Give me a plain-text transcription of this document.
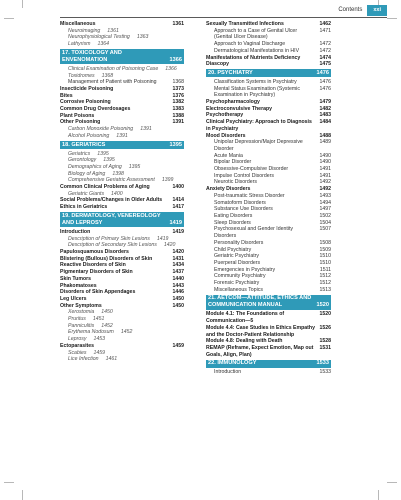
Contents	xxi
Miscellaneous	1361
Neuroimaging	1361
Neurophysiological Testing	1363
Lathyrism	1364
17. TOXICOLOGY AND ENVENOMATION	1366
Clinical Examination of Poisoning Case	1366
Toxidromes	1368
Management of Patient with Poisoning	1368
Insecticide Poisoning	1373
Bites	1376
Corrosive Poisoning	1382
Common Drug Overdosages	1383
Plant Poisons	1388
Other Poisoning	1391
Carbon Monoxide Poisoning	1391
Alcohol Poisoning	1391
18. GERIATRICS	1395
Geriatrics	1395
Gerontology	1395
Demographics of Aging	1395
Biology of Aging	1398
Comprehensive Geriatric Assessment	1399
Common Clinical Problems of Aging	1400
Geriatric Giants	1400
Social Problems/Changes in Older Adults	1414
Ethics in Geriatrics	1417
19. DERMATOLOGY, VENEREOLOGY AND LEPROSY	1419
Introduction	1419
Description of Primary Skin Lesions	1419
Description of Secondary Skin Lesions	1420
Papulosquamous Disorders	1420
Blistering (Bullous) Disorders of Skin	1431
Reactive Disorders of Skin	1434
Pigmentary Disorders of Skin	1437
Skin Tumors	1440
Phakomatoses	1443
Disorders of Skin Appendages	1446
Leg Ulcers	1450
Other Symptoms	1450
Xerostomia	1450
Pruritus	1451
Panniculitis	1452
Erythema Nodosum	1452
Leprosy	1453
Ectoparasites	1459
Scabies	1459
Lice Infection	1461
Sexually Transmitted Infections	1462
Approach to a Case of Genital Ulcer (Genital Ulcer Disease)
1471
Approach to Vaginal Discharge	1472
Dermatological Manifestations in HIV	1472
Manifestations of Nutrients Deficiency	1474
Diascopy	1475
20. PSYCHIATRY	1476
Classification Systems in Psychiatry	1476
Mental Status Examination (Systemic Examination in Psychiatry)
1476
Psychopharmacology	1479
Electroconvulsive Therapy	1482
Psychotherapy	1483
Clinical Psychiatry: Approach to Diagnosis in Psychiatry
1484
Mood Disorders	1488
Unipolar Depression/Major Depressive Disorder
1489
Acute Mania	1490
Bipolar Disorder	1490
Obsessive-Compulsive Disorder	1491
Impulse Control Disorders	1491
Neurotic Disorders	1492
Anxiety Disorders	1492
Post-traumatic Stress Disorder	1493
Somatoform Disorders	1494
Substance Use Disorders	1497
Eating Disorders	1502
Sleep Disorders	1504
Psychosexual and Gender Identity Disorders
1507
Personality Disorders	1508
Child Psychiatry	1509
Geriatric Psychiatry	1510
Puerperal Disorders	1510
Emergencies in Psychiatry	1511
Community Psychiatry	1512
Forensic Psychiatry	1512
Miscellaneous Topics	1513
21. AETCOM—ATTITUDE, ETHICS AND COMMUNICATION MANUAL	1520
Module 4.1: The Foundations of Communication—5
1520
Module 4.4: Case Studies in Ethics Empathy and the Doctor-Patient Relationship
1526
Module 4.8: Dealing with Death	1528
REMAP (Reframe, Expect Emotion, Map out Goals, Align, Plan)
1531
22. IMMUNOLOGY	1533
Introduction	1533
